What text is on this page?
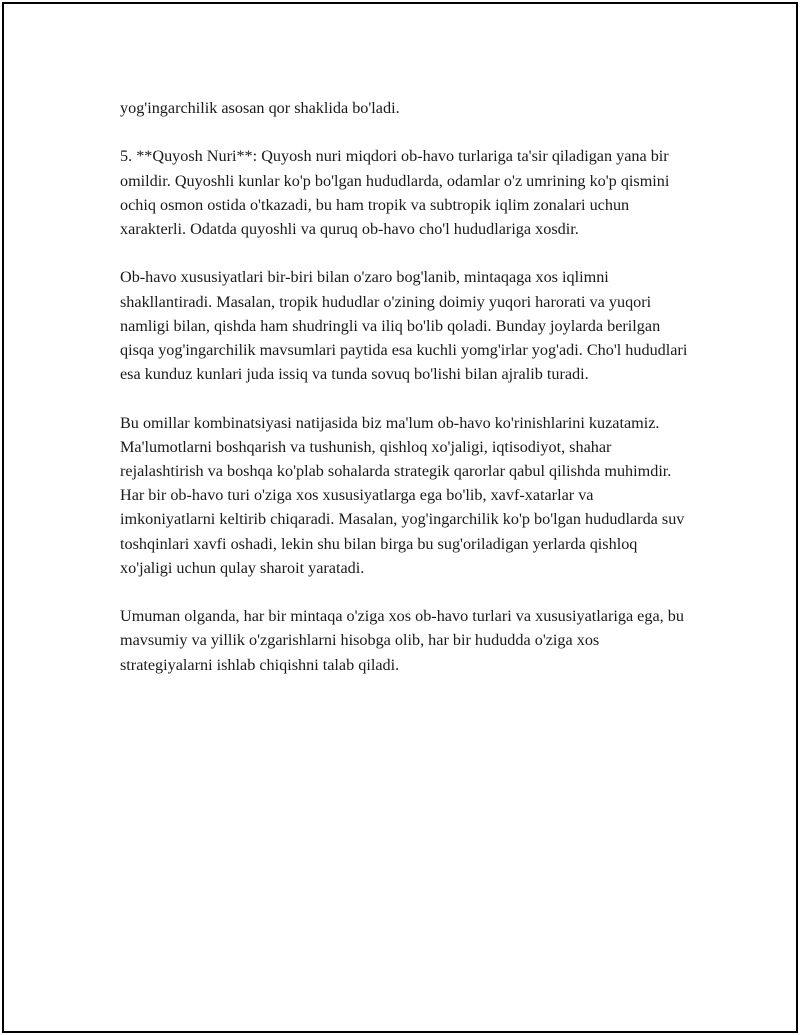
yog'ingarchilik asosan qor shaklida bo'ladi.

5. **Quyosh Nuri**: Quyosh nuri miqdori ob-havo turlariga ta'sir qiladigan yana bir omildir. Quyoshli kunlar ko'p bo'lgan hududlarda, odamlar o'z umrining ko'p qismini ochiq osmon ostida o'tkazadi, bu ham tropik va subtropik iqlim zonalari uchun xarakterli. Odatda quyoshli va quruq ob-havo cho'l hududlariga xosdir.

Ob-havo xususiyatlari bir-biri bilan o'zaro bog'lanib, mintaqaga xos iqlimni shakllantiradi. Masalan, tropik hududlar o'zining doimiy yuqori harorati va yuqori namligi bilan, qishda ham shudringli va iliq bo'lib qoladi. Bunday joylarda berilgan qisqa yog'ingarchilik mavsumlari paytida esa kuchli yomg'irlar yog'adi. Cho'l hududlari esa kunduz kunlari juda issiq va tunda sovuq bo'lishi bilan ajralib turadi.

Bu omillar kombinatsiyasi natijasida biz ma'lum ob-havo ko'rinishlarini kuzatamiz. Ma'lumotlarni boshqarish va tushunish, qishloq xo'jaligi, iqtisodiyot, shahar rejalashtirish va boshqa ko'plab sohalarda strategik qarorlar qabul qilishda muhimdir. Har bir ob-havo turi o'ziga xos xususiyatlarga ega bo'lib, xavf-xatarlar va imkoniyatlarni keltirib chiqaradi. Masalan, yog'ingarchilik ko'p bo'lgan hududlarda suv toshqinlari xavfi oshadi, lekin shu bilan birga bu sug'oriladigan yerlarda qishloq xo'jaligi uchun qulay sharoit yaratadi.

Umuman olganda, har bir mintaqa o'ziga xos ob-havo turlari va xususiyatlariga ega, bu mavsumiy va yillik o'zgarishlarni hisobga olib, har bir hududda o'ziga xos strategiyalarni ishlab chiqishni talab qiladi.
